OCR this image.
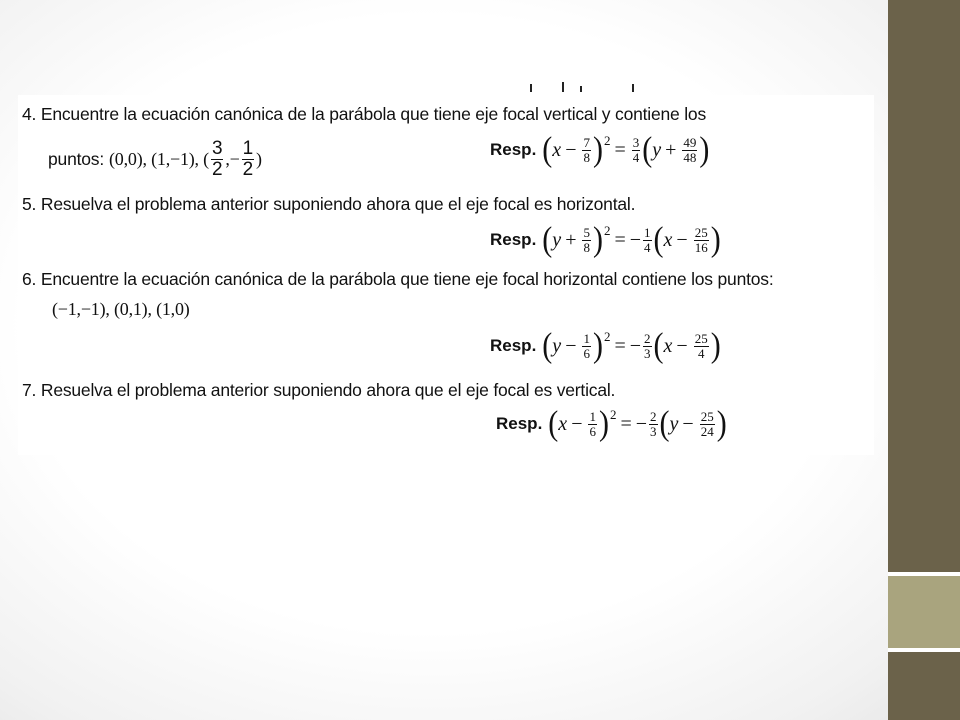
4. Encuentre la ecuación canónica de la parábola que tiene eje focal vertical y contiene los
puntos: (0,0), (1,−1), ( $\frac{3}{2}$ ,− $\frac{1}{2}$ )	Resp. ( $x - \frac{7}{8}$ ) $2 = \frac{3}{4}$ ( $y + \frac{49}{48}$ )
5. Resuelva el problema anterior suponiendo ahora que el eje focal es horizontal.
Resp. ( $y + \frac{5}{8}$ ) 2 = − $\frac{1}{4}$ ( $x - \frac{25}{16}$ )
6. Encuentre la ecuación canónica de la parábola que tiene eje focal horizontal contiene los puntos:
(−1,−1), (0,1), (1,0)
Resp. ( $y - \frac{1}{6}$ ) 2 = − $\frac{2}{3}$ ( $x - \frac{25}{4}$ )
7. Resuelva el problema anterior suponiendo ahora que el eje focal es vertical.
Resp. ( $x - \frac{1}{6}$ ) 2 = − $\frac{2}{3}$ ( $y - \frac{25}{24}$ )
